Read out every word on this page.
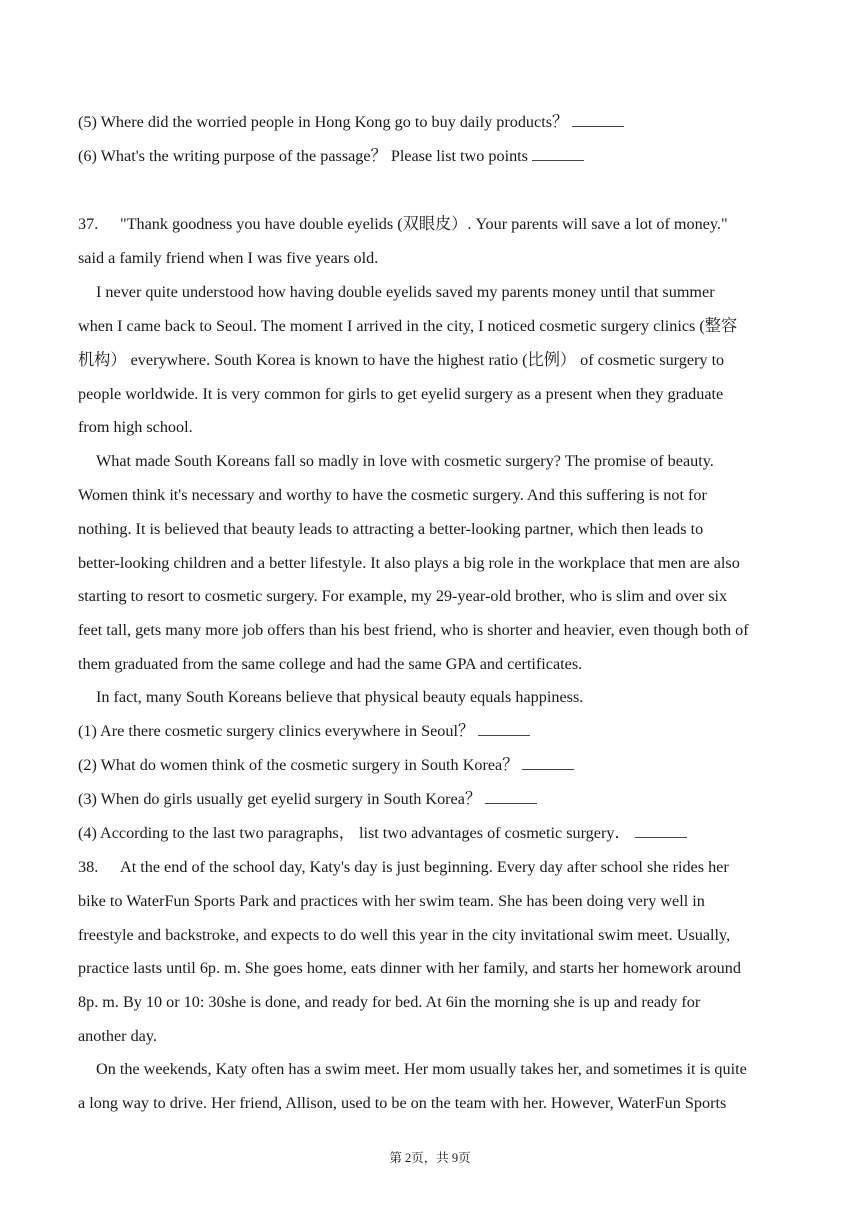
(5) Where did the worried people in Hong Kong go to buy daily products？
(6) What's the writing purpose of the passage？ Please list two points
37. "Thank goodness you have double eyelids (双眼皮）. Your parents will save a lot of money."
said a family friend when I was five years old.
I never quite understood how having double eyelids saved my parents money until that summer
when I came back to Seoul. The moment I arrived in the city, I noticed cosmetic surgery clinics (整容
机构） everywhere. South Korea is known to have the highest ratio (比例） of cosmetic surgery to
people worldwide. It is very common for girls to get eyelid surgery as a present when they graduate
from high school.
What made South Koreans fall so madly in love with cosmetic surgery? The promise of beauty.
Women think it's necessary and worthy to have the cosmetic surgery. And this suffering is not for
nothing. It is believed that beauty leads to attracting a better-looking partner, which then leads to
better-looking children and a better lifestyle. It also plays a big role in the workplace that men are also
starting to resort to cosmetic surgery. For example, my 29-year-old brother, who is slim and over six
feet tall, gets many more job offers than his best friend, who is shorter and heavier, even though both of
them graduated from the same college and had the same GPA and certificates.
In fact, many South Koreans believe that physical beauty equals happiness.
(1) Are there cosmetic surgery clinics everywhere in Seoul？
(2) What do women think of the cosmetic surgery in South Korea？
(3) When do girls usually get eyelid surgery in South Korea？
(4) According to the last two paragraphs， list two advantages of cosmetic surgery．
38. At the end of the school day, Katy's day is just beginning. Every day after school she rides her
bike to WaterFun Sports Park and practices with her swim team. She has been doing very well in
freestyle and backstroke, and expects to do well this year in the city invitational swim meet. Usually,
practice lasts until 6p. m. She goes home, eats dinner with her family, and starts her homework around
8p. m. By 10 or 10: 30she is done, and ready for bed. At 6in the morning she is up and ready for
another day.
On the weekends, Katy often has a swim meet. Her mom usually takes her, and sometimes it is quite
a long way to drive. Her friend, Allison, used to be on the team with her. However, WaterFun Sports
第 2页，共 9页
